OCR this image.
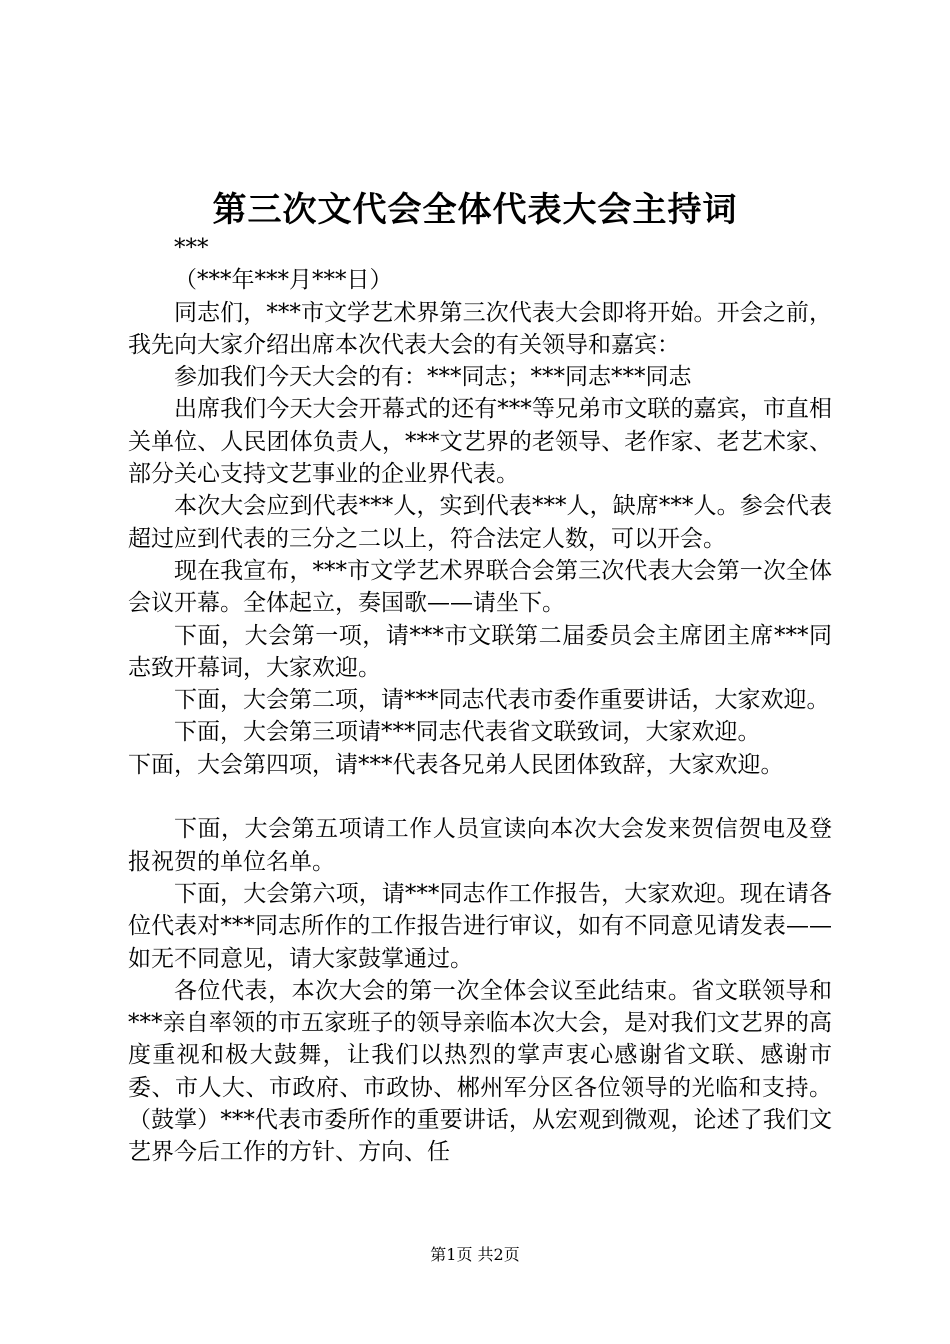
第三次文代会全体代表大会主持词

***

（***年***月***日）

同志们，***市文学艺术界第三次代表大会即将开始。开会之前，我先向大家介绍出席本次代表大会的有关领导和嘉宾：

参加我们今天大会的有：***同志；***同志***同志

出席我们今天大会开幕式的还有***等兄弟市文联的嘉宾，市直相关单位、人民团体负责人，***文艺界的老领导、老作家、老艺术家、部分关心支持文艺事业的企业界代表。

本次大会应到代表***人，实到代表***人，缺席***人。参会代表超过应到代表的三分之二以上，符合法定人数，可以开会。

现在我宣布，***市文学艺术界联合会第三次代表大会第一次全体会议开幕。全体起立，奏国歌——请坐下。

下面，大会第一项，请***市文联第二届委员会主席团主席***同志致开幕词，大家欢迎。

下面，大会第二项，请***同志代表市委作重要讲话，大家欢迎。

下面，大会第三项请***同志代表省文联致词，大家欢迎。

下面，大会第四项，请***代表各兄弟人民团体致辞，大家欢迎。

下面，大会第五项请工作人员宣读向本次大会发来贺信贺电及登报祝贺的单位名单。

下面，大会第六项，请***同志作工作报告，大家欢迎。现在请各位代表对***同志所作的工作报告进行审议，如有不同意见请发表——如无不同意见，请大家鼓掌通过。

各位代表，本次大会的第一次全体会议至此结束。省文联领导和***亲自率领的市五家班子的领导亲临本次大会，是对我们文艺界的高度重视和极大鼓舞，让我们以热烈的掌声衷心感谢省文联、感谢市委、市人大、市政府、市政协、郴州军分区各位领导的光临和支持。（鼓掌）***代表市委所作的重要讲话，从宏观到微观，论述了我们文艺界今后工作的方针、方向、任

第1页 共2页
